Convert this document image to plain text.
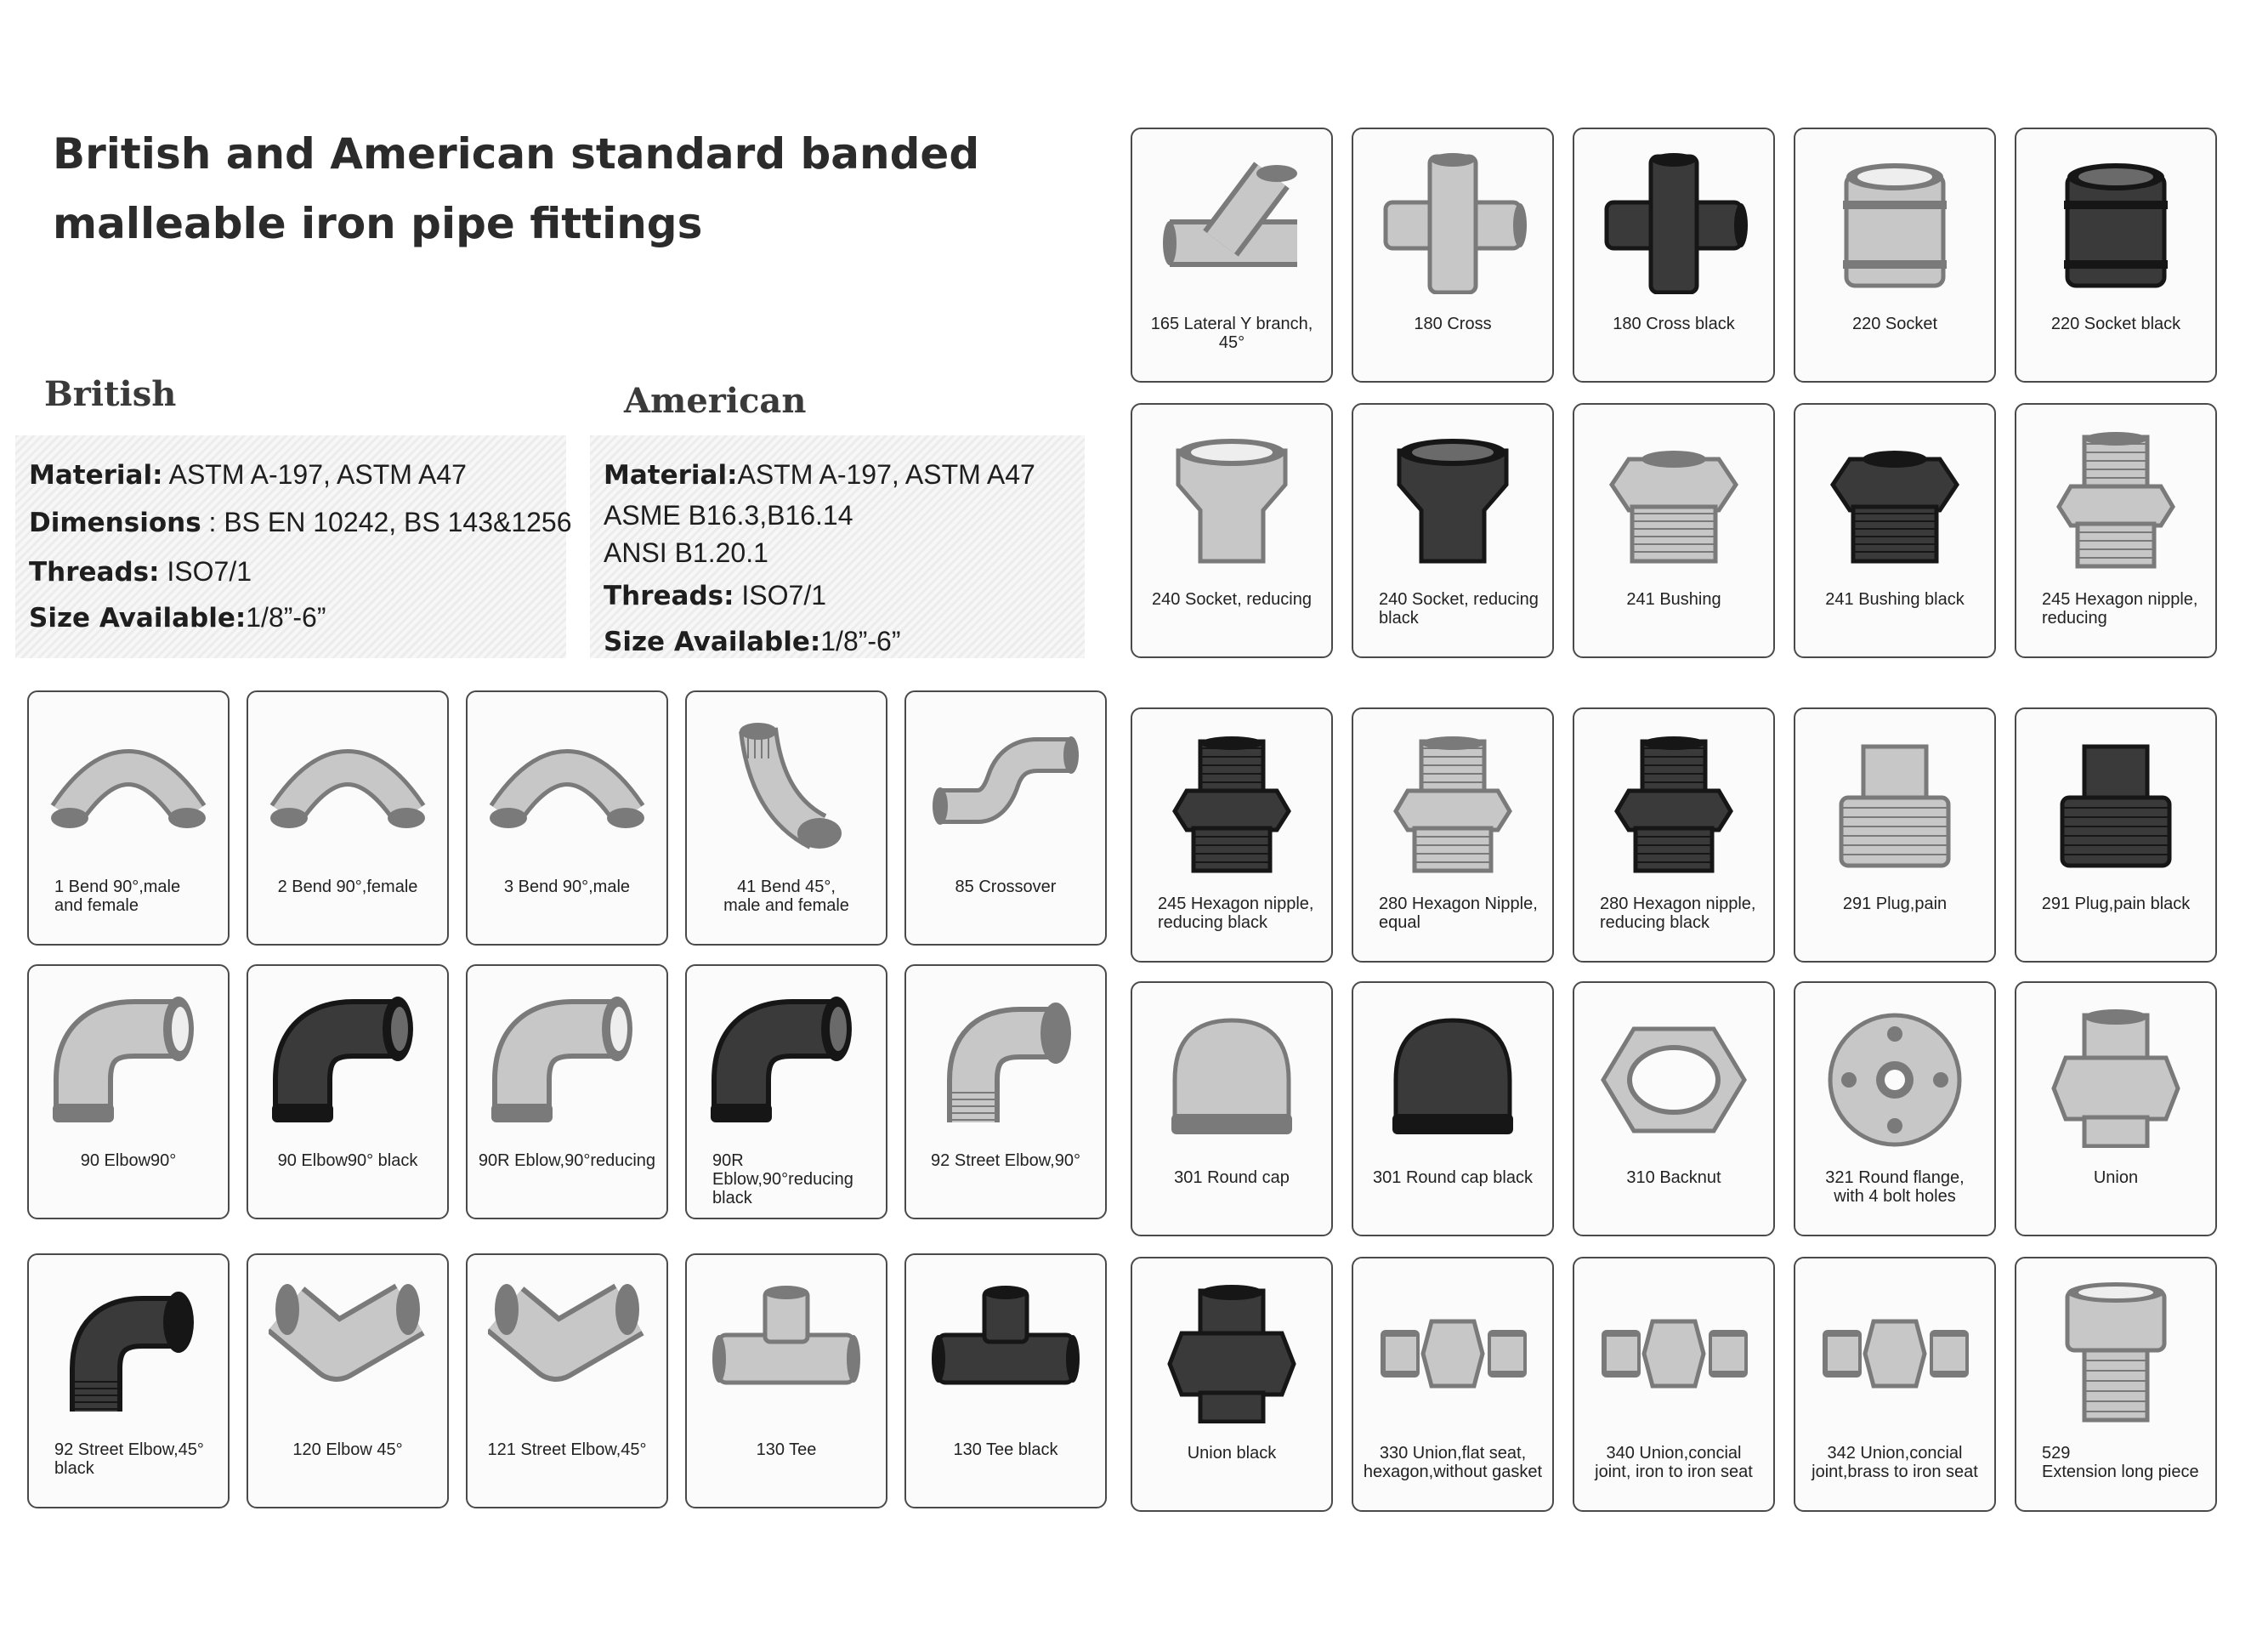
British and American standard banded
malleable iron pipe fittings
British	American
Material: ASTM A-197, ASTM A47
Dimensions : BS EN 10242, BS 143&1256
Threads: ISO7/1
Size Available:1/8”-6”
Material:ASTM A-197, ASTM A47
ASME B16.3,B16.14
ANSI B1.20.1
Threads: ISO7/1
Size Available:1/8”-6”
1 Bend 90°,male
and female
2 Bend 90°,female	3 Bend 90°,male	41 Bend 45°,
male and female
85 Crossover
90 Elbow90°	90 Elbow90° black	90R Eblow,90°reducing	90R Eblow,90°reducing
black
92 Street Elbow,90°
92 Street Elbow,45°
black
120 Elbow 45°	121 Street Elbow,45°	130 Tee	130 Tee black
165 Lateral Y branch, 45°
180 Cross	180 Cross black	220 Socket	220 Socket black
240 Socket, reducing	240 Socket, reducing
black
241 Bushing	241 Bushing black	245 Hexagon nipple,
reducing
245 Hexagon nipple,
reducing black
280 Hexagon Nipple,
equal
280 Hexagon nipple,
reducing black
291 Plug,pain	291 Plug,pain black
301 Round cap	301 Round cap black	310 Backnut	321 Round flange,
with 4 bolt holes
Union
Union black	330 Union,flat seat,
hexagon,without gasket
340 Union,concial
joint, iron to iron seat
342 Union,concial
joint,brass to iron seat
529
Extension long piece
